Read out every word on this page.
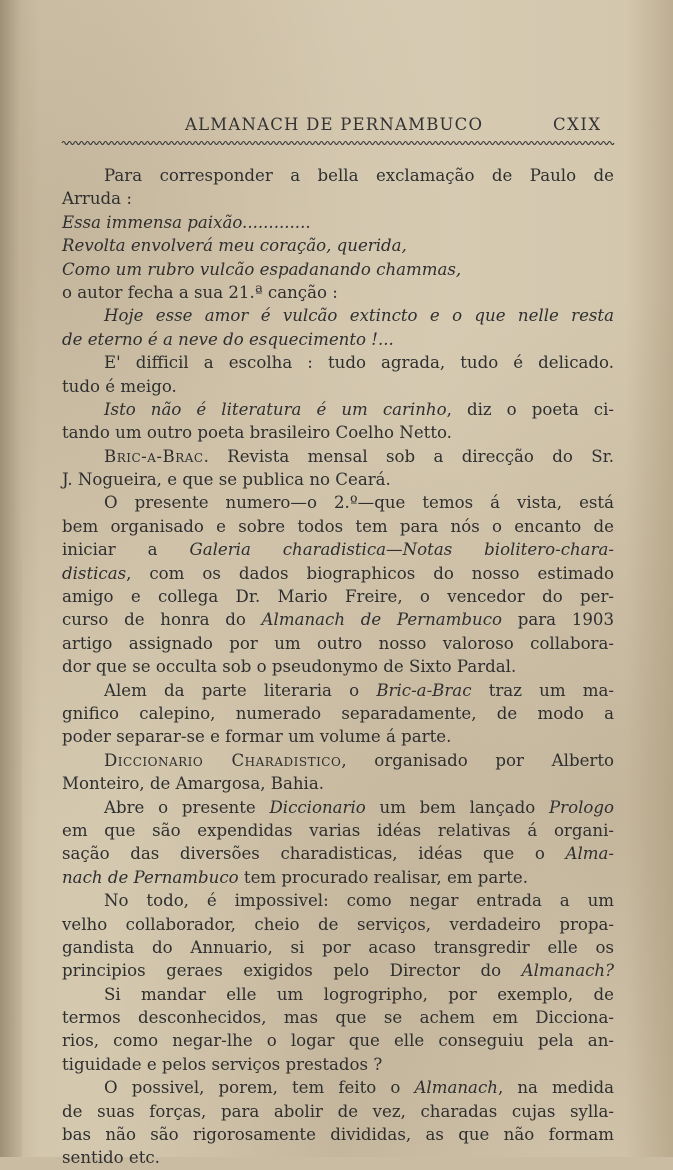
ALMANACH DE PERNAMBUCO	CXIX
Para corresponder a bella exclamação de Paulo de
Arruda :
Essa immensa paixão.............
Revolta envolverá meu coração, querida,
Como um rubro vulcão espadanando chammas,
o autor fecha a sua 21.ª canção :
Hoje esse amor é vulcão extincto e o que nelle resta
de eterno é a neve do esquecimento !...
E' difficil a escolha : tudo agrada, tudo é delicado.
tudo é meigo.
Isto não é literatura é um carinho, diz o poeta ci-
tando um outro poeta brasileiro Coelho Netto.
Bric-a-Brac. Revista mensal sob a direcção do Sr.
J. Nogueira, e que se publica no Ceará.
O presente numero—o 2.º—que temos á vista, está
bem organisado e sobre todos tem para nós o encanto de
iniciar a Galeria charadistica—Notas biolitero-chara-
disticas, com os dados biographicos do nosso estimado
amigo e collega Dr. Mario Freire, o vencedor do per-
curso de honra do Almanach de Pernambuco para 1903
artigo assignado por um outro nosso valoroso collabora-
dor que se occulta sob o pseudonymo de Sixto Pardal.
Alem da parte literaria o Bric-a-Brac traz um ma-
gnifico calepino, numerado separadamente, de modo a
poder separar-se e formar um volume á parte.
Diccionario Charadistico, organisado por Alberto
Monteiro, de Amargosa, Bahia.
Abre o presente Diccionario um bem lançado Prologo
em que são expendidas varias idéas relativas á organi-
sação das diversões charadisticas, idéas que o Alma-
nach de Pernambuco tem procurado realisar, em parte.
No todo, é impossivel: como negar entrada a um
velho collaborador, cheio de serviços, verdadeiro propa-
gandista do Annuario, si por acaso transgredir elle os
principios geraes exigidos pelo Director do Almanach?
Si mandar elle um logrogripho, por exemplo, de
termos desconhecidos, mas que se achem em Dicciona-
rios, como negar-lhe o logar que elle conseguiu pela an-
tiguidade e pelos serviços prestados ?
O possivel, porem, tem feito o Almanach, na medida
de suas forças, para abolir de vez, charadas cujas sylla-
bas não são rigorosamente divididas, as que não formam
sentido etc.
